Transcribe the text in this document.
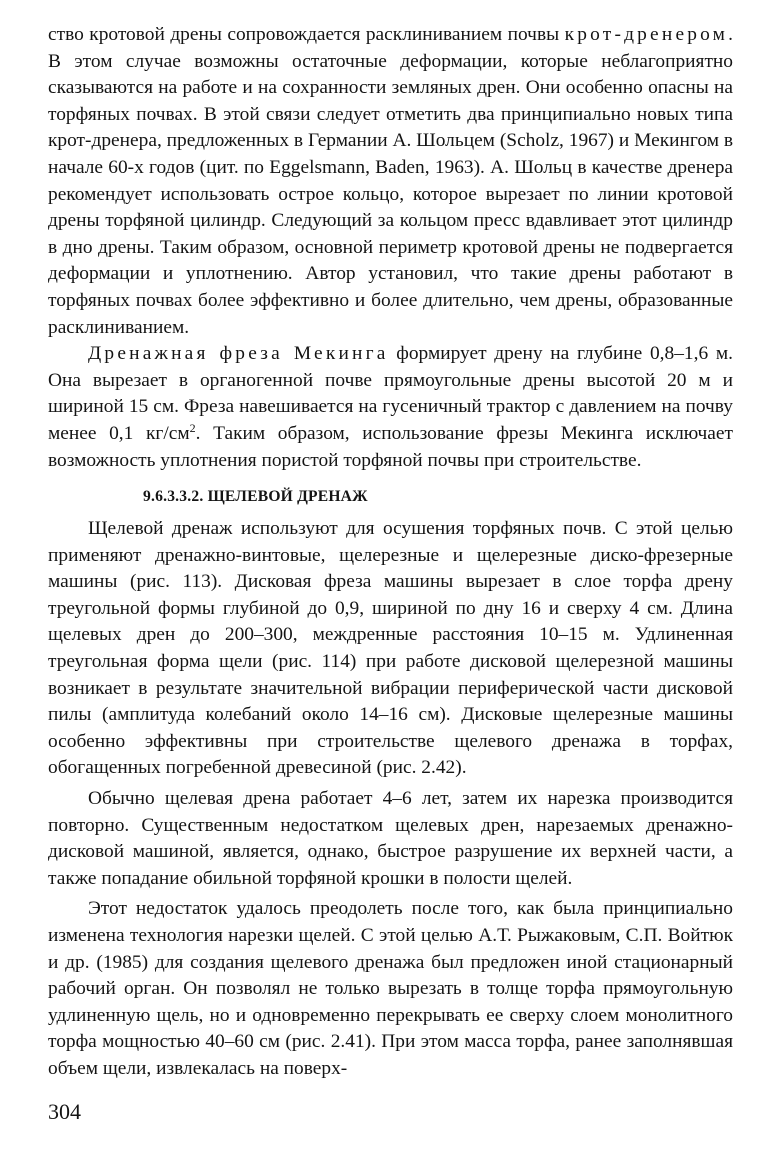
ство кротовой дрены сопровождается расклиниванием почвы крот-дренером. В этом случае возможны остаточные деформации, которые неблагоприятно сказываются на работе и на сохранности земляных дрен. Они особенно опасны на торфяных почвах. В этой связи следует отметить два принципиально новых типа крот-дренера, предложенных в Германии А. Шольцем (Scholz, 1967) и Мекингом в начале 60-х годов (цит. по Eggelsmann, Baden, 1963). А. Шольц в качестве дренера рекомендует использовать острое кольцо, которое вырезает по линии кротовой дрены торфяной цилиндр. Следующий за кольцом пресс вдавливает этот цилиндр в дно дрены. Таким образом, основной периметр кротовой дрены не подвергается деформации и уплотнению. Автор установил, что такие дрены работают в торфяных почвах более эффективно и более длительно, чем дрены, образованные расклиниванием.

Дренажная фреза Мекинга формирует дрену на глубине 0,8–1,6 м. Она вырезает в органогенной почве прямоугольные дрены высотой 20 м и шириной 15 см. Фреза навешивается на гусеничный трактор с давлением на почву менее 0,1 $кг/см^2$. Таким образом, использование фрезы Мекинга исключает возможность уплотнения пористой торфяной почвы при строительстве.

9.6.3.3.2. ЩЕЛЕВОЙ ДРЕНАЖ

Щелевой дренаж используют для осушения торфяных почв. С этой целью применяют дренажно-винтовые, щелерезные и щелерезные диско-фрезерные машины (рис. 113). Дисковая фреза машины вырезает в слое торфа дрену треугольной формы глубиной до 0,9, шириной по дну 16 и сверху 4 см. Длина щелевых дрен до 200–300, междренные расстояния 10–15 м. Удлиненная треугольная форма щели (рис. 114) при работе дисковой щелерезной машины возникает в результате значительной вибрации периферической части дисковой пилы (амплитуда колебаний около 14–16 см). Дисковые щелерезные машины особенно эффективны при строительстве щелевого дренажа в торфах, обогащенных погребенной древесиной (рис. 2.42).

Обычно щелевая дрена работает 4–6 лет, затем их нарезка производится повторно. Существенным недостатком щелевых дрен, нарезаемых дренажно-дисковой машиной, является, однако, быстрое разрушение их верхней части, а также попадание обильной торфяной крошки в полости щелей.

Этот недостаток удалось преодолеть после того, как была принципиально изменена технология нарезки щелей. С этой целью А.Т. Рыжаковым, С.П. Войтюк и др. (1985) для создания щелевого дренажа был предложен иной стационарный рабочий орган. Он позволял не только вырезать в толще торфа прямоугольную удлиненную щель, но и одновременно перекрывать ее сверху слоем монолитного торфа мощностью 40–60 см (рис. 2.41). При этом масса торфа, ранее заполнявшая объем щели, извлекалась на поверх-

304
